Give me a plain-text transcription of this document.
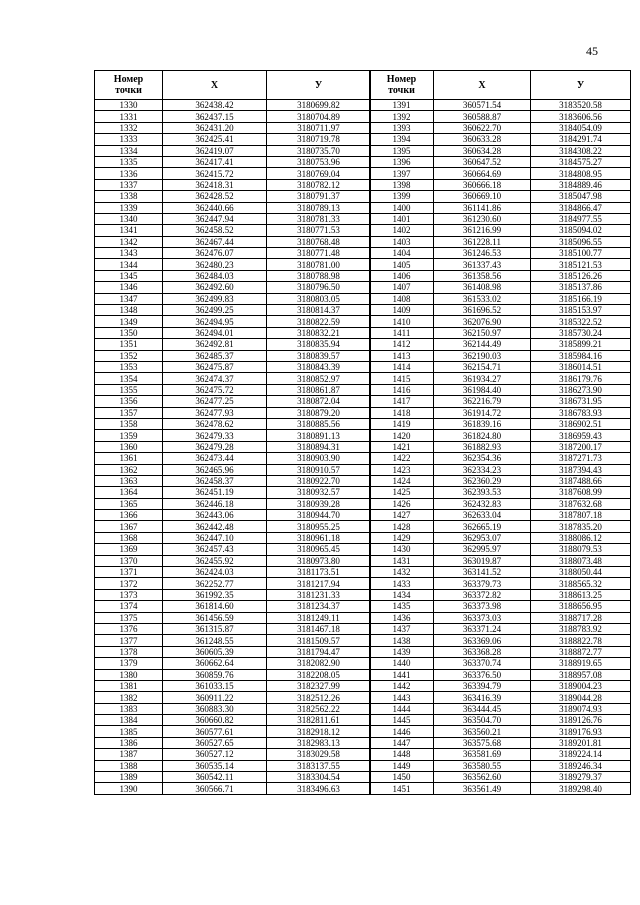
45
Номер
точки	X	У
1330	362438.42	3180699.82
1331	362437.15	3180704.89
1332	362431.20	3180711.97
1333	362425.41	3180719.78
1334	362419.07	3180735.70
1335	362417.41	3180753.96
1336	362415.72	3180769.04
1337	362418.31	3180782.12
1338	362428.52	3180791.37
1339	362440.66	3180789.13
1340	362447.94	3180781.33
1341	362458.52	3180771.53
1342	362467.44	3180768.48
1343	362476.07	3180771.48
1344	362480.23	3180781.00
1345	362484.03	3180788.98
1346	362492.60	3180796.50
1347	362499.83	3180803.05
1348	362499.25	3180814.37
1349	362494.95	3180822.59
1350	362494.01	3180832.21
1351	362492.81	3180835.94
1352	362485.37	3180839.57
1353	362475.87	3180843.39
1354	362474.37	3180852.97
1355	362475.72	3180861.87
1356	362477.25	3180872.04
1357	362477.93	3180879.20
1358	362478.62	3180885.56
1359	362479.33	3180891.13
1360	362479.28	3180894.31
1361	362473.44	3180903.90
1362	362465.96	3180910.57
1363	362458.37	3180922.70
1364	362451.19	3180932.57
1365	362446.18	3180939.28
1366	362443.06	3180944.70
1367	362442.48	3180955.25
1368	362447.10	3180961.18
1369	362457.43	3180965.45
1370	362455.92	3180973.80
1371	362424.03	3181173.51
1372	362252.77	3181217.94
1373	361992.35	3181231.33
1374	361814.60	3181234.37
1375	361456.59	3181249.11
1376	361315.87	3181467.18
1377	361248.55	3181509.57
1378	360605.39	3181794.47
1379	360662.64	3182082.90
1380	360859.76	3182208.05
1381	361033.15	3182327.99
1382	360911.22	3182512.26
1383	360883.30	3182562.22
1384	360660.82	3182811.61
1385	360577.61	3182918.12
1386	360527.65	3182983.13
1387	360527.12	3183029.58
1388	360535.14	3183137.55
1389	360542.11	3183304.54
1390	360566.71	3183496.63
Номер
точки	X	У
1391	360571.54	3183520.58
1392	360588.87	3183606.56
1393	360622.70	3184054.09
1394	360633.28	3184291.74
1395	360634.28	3184308.22
1396	360647.52	3184575.27
1397	360664.69	3184808.95
1398	360666.18	3184889.46
1399	360669.10	3185047.98
1400	361141.86	3184866.47
1401	361230.60	3184977.55
1402	361216.99	3185094.02
1403	361228.11	3185096.55
1404	361246.53	3185100.77
1405	361337.43	3185121.53
1406	361358.56	3185126.26
1407	361408.98	3185137.86
1408	361533.02	3185166.19
1409	361696.52	3185153.97
1410	362076.90	3185322.52
1411	362150.97	3185730.24
1412	362144.49	3185899.21
1413	362190.03	3185984.16
1414	362154.71	3186014.51
1415	361934.27	3186179.76
1416	361984.40	3186273.90
1417	362216.79	3186731.95
1418	361914.72	3186783.93
1419	361839.16	3186902.51
1420	361824.80	3186959.43
1421	361882.93	3187200.17
1422	362354.36	3187271.73
1423	362334.23	3187394.43
1424	362360.29	3187488.66
1425	362393.53	3187608.99
1426	362432.83	3187632.68
1427	362633.04	3187807.18
1428	362665.19	3187835.20
1429	362953.07	3188086.12
1430	362995.97	3188079.53
1431	363019.87	3188073.48
1432	363141.52	3188050.44
1433	363379.73	3188565.32
1434	363372.82	3188613.25
1435	363373.98	3188656.95
1436	363373.03	3188717.28
1437	363371.24	3188783.92
1438	363369.06	3188822.78
1439	363368.28	3188872.77
1440	363370.74	3188919.65
1441	363376.50	3188957.08
1442	363394.79	3189004.23
1443	363416.39	3189044.28
1444	363444.45	3189074.93
1445	363504.70	3189126.76
1446	363560.21	3189176.93
1447	363575.68	3189201.81
1448	363581.69	3189224.14
1449	363580.55	3189246.34
1450	363562.60	3189279.37
1451	363561.49	3189298.40
